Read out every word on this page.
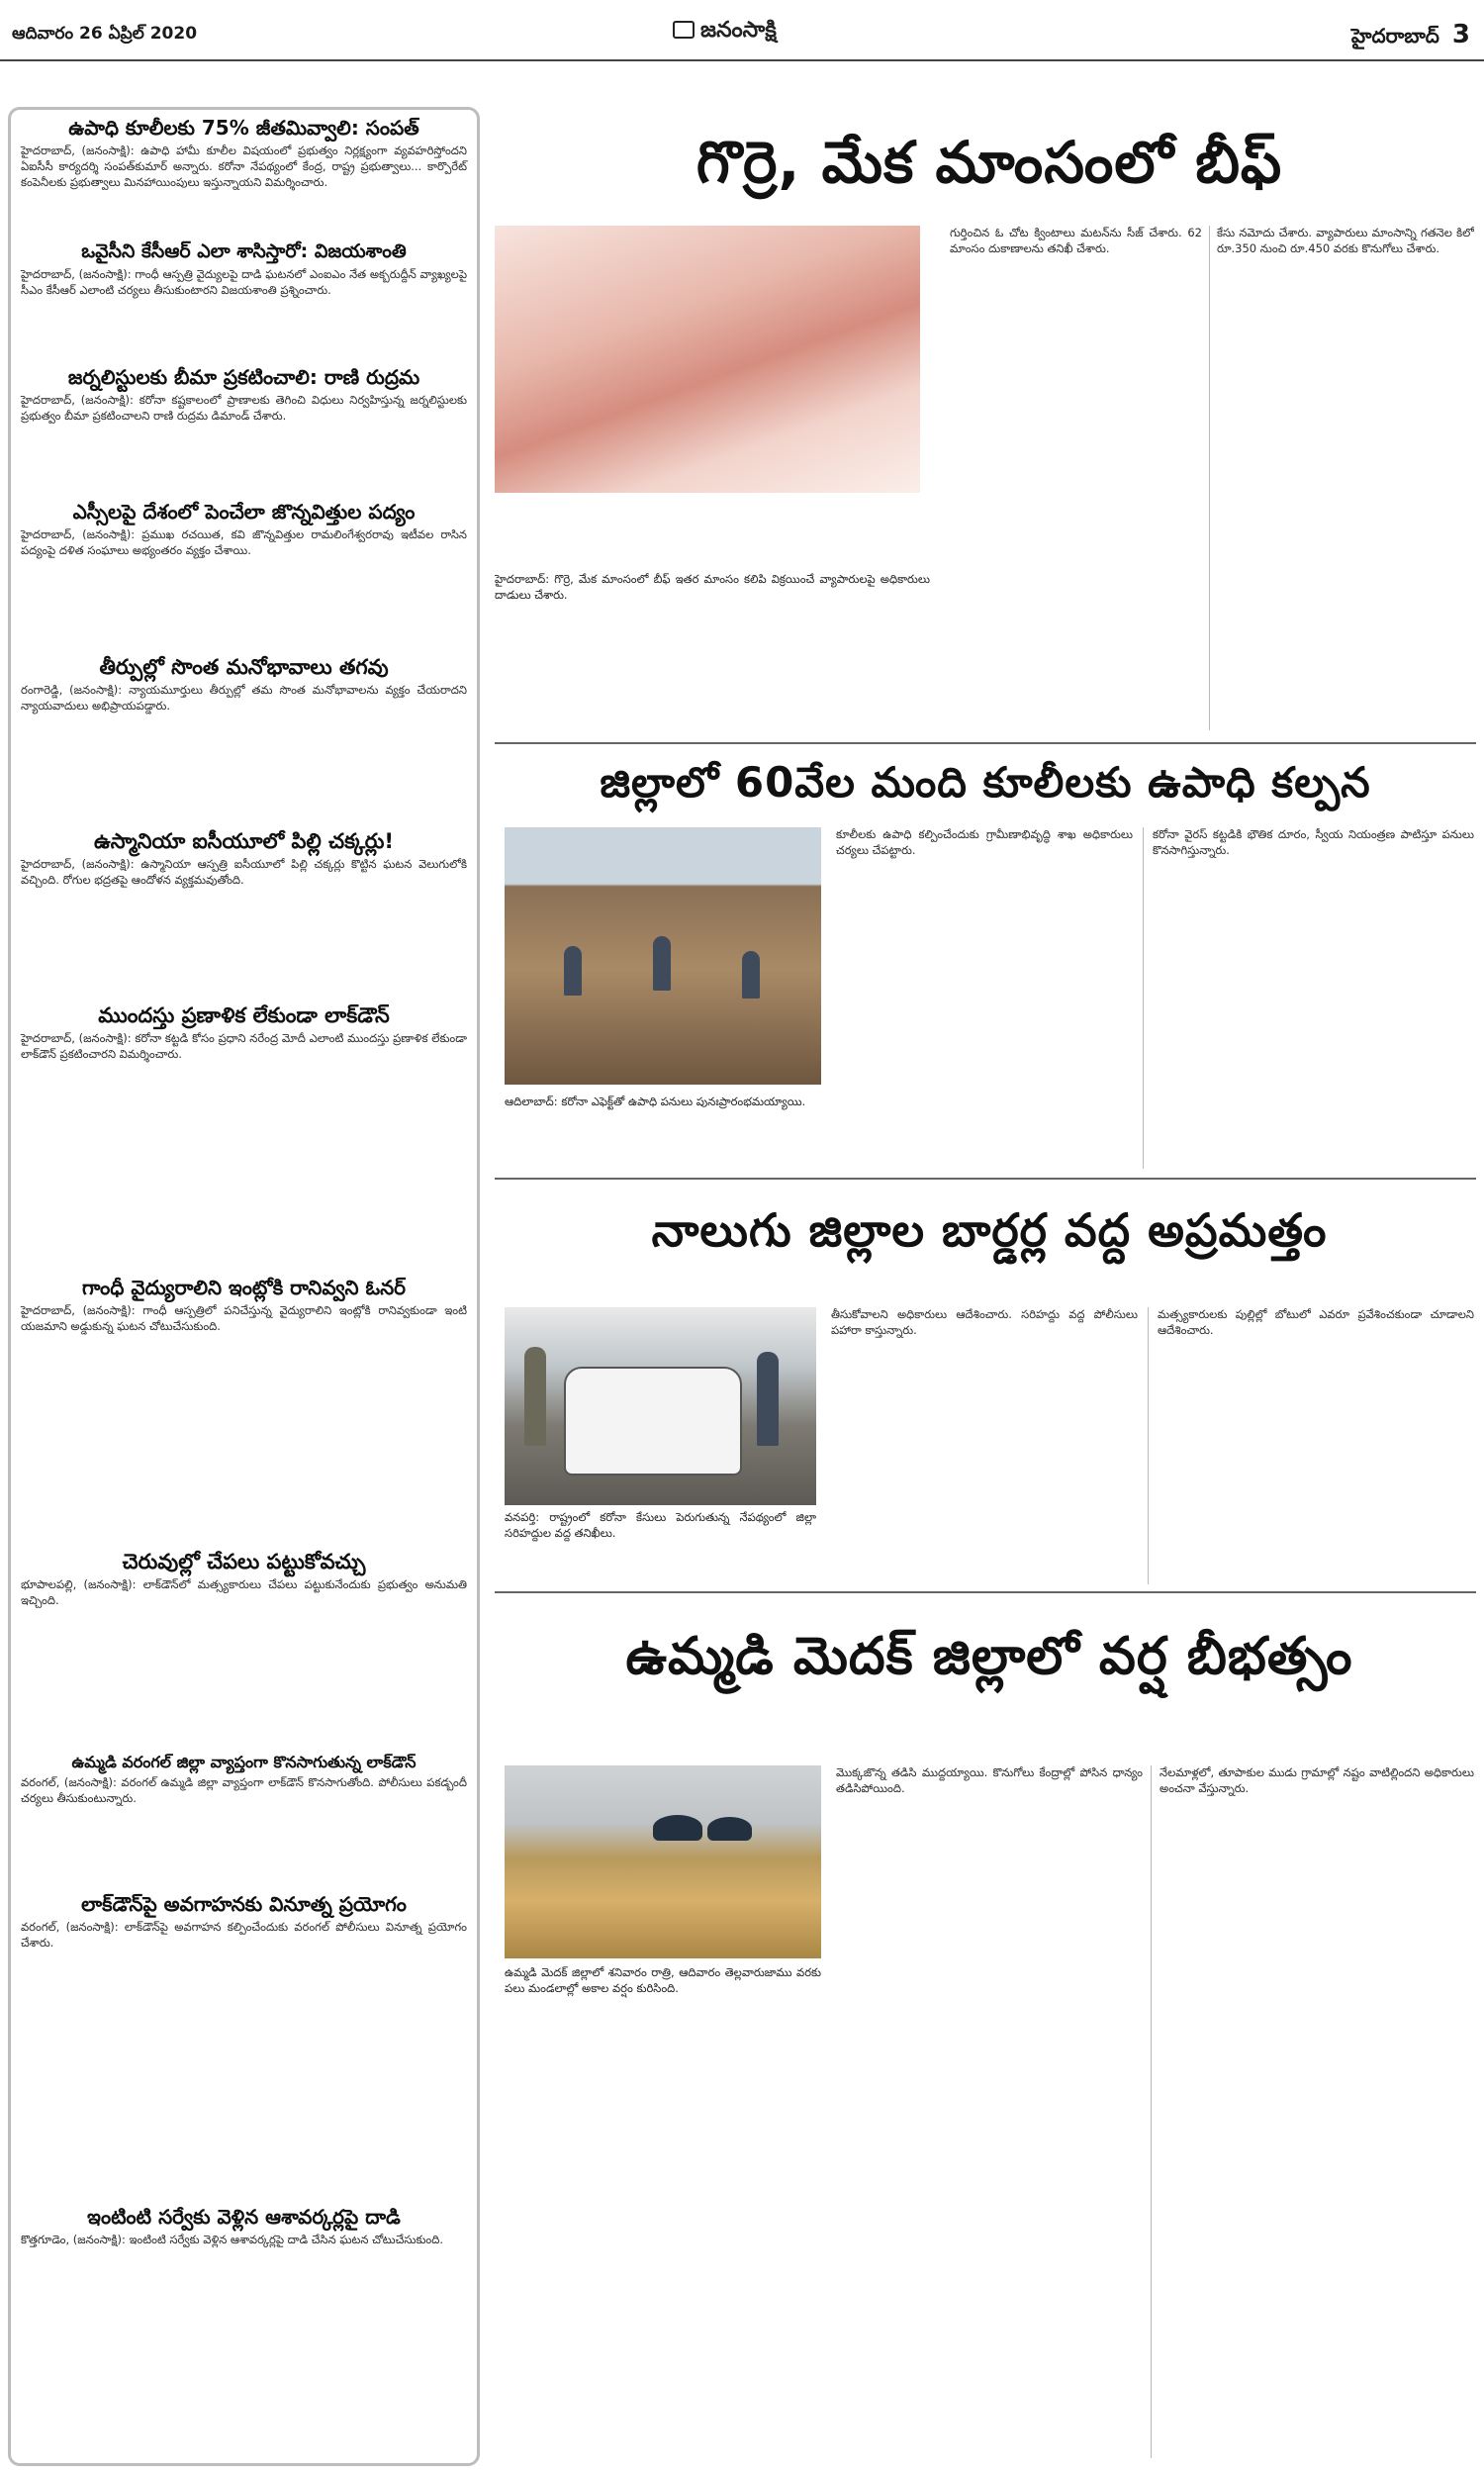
ఆదివారం 26 ఏప్రిల్ 2020	జనంసాక్షి	హైదరాబాద్ 3
ఉపాధి కూలీలకు 75% జీతమివ్వాలి: సంపత్
హైదరాబాద్, (జనంసాక్షి): ఉపాధి హామీ కూలీల విషయంలో ప్రభుత్వం నిర్లక్ష్యంగా వ్యవహరిస్తోందని ఏఐసీసీ కార్యదర్శి సంపత్‌కుమార్ అన్నారు. కరోనా నేపథ్యంలో కేంద్ర, రాష్ట్ర ప్రభుత్వాలు... కార్పొరేట్ కంపెనీలకు ప్రభుత్వాలు మినహాయింపులు ఇస్తున్నాయని విమర్శించారు.
ఒవైసీని కేసీఆర్ ఎలా శాసిస్తారో: విజయశాంతి
హైదరాబాద్, (జనంసాక్షి): గాంధీ ఆస్పత్రి వైద్యులపై దాడి ఘటనలో ఎంఐఎం నేత అక్బరుద్దీన్ వ్యాఖ్యలపై సీఎం కేసీఆర్ ఎలాంటి చర్యలు తీసుకుంటారని విజయశాంతి ప్రశ్నించారు.
జర్నలిస్టులకు బీమా ప్రకటించాలి: రాణి రుద్రమ
హైదరాబాద్, (జనంసాక్షి): కరోనా కష్టకాలంలో ప్రాణాలకు తెగించి విధులు నిర్వహిస్తున్న జర్నలిస్టులకు ప్రభుత్వం బీమా ప్రకటించాలని రాణి రుద్రమ డిమాండ్ చేశారు.
ఎస్సీలపై దేశంలో పెంచేలా జొన్నవిత్తుల పద్యం
హైదరాబాద్, (జనంసాక్షి): ప్రముఖ రచయిత, కవి జొన్నవిత్తుల రామలింగేశ్వరరావు ఇటీవల రాసిన పద్యంపై దళిత సంఘాలు అభ్యంతరం వ్యక్తం చేశాయి.
తీర్పుల్లో సొంత మనోభావాలు తగవు
రంగారెడ్డి, (జనంసాక్షి): న్యాయమూర్తులు తీర్పుల్లో తమ సొంత మనోభావాలను వ్యక్తం చేయరాదని న్యాయవాదులు అభిప్రాయపడ్డారు.
ఉస్మానియా ఐసీయూలో పిల్లి చక్కర్లు!
హైదరాబాద్, (జనంసాక్షి): ఉస్మానియా ఆస్పత్రి ఐసీయూలో పిల్లి చక్కర్లు కొట్టిన ఘటన వెలుగులోకి వచ్చింది. రోగుల భద్రతపై ఆందోళన వ్యక్తమవుతోంది.
ముందస్తు ప్రణాళిక లేకుండా లాక్‌డౌన్
హైదరాబాద్, (జనంసాక్షి): కరోనా కట్టడి కోసం ప్రధాని నరేంద్ర మోదీ ఎలాంటి ముందస్తు ప్రణాళిక లేకుండా లాక్‌డౌన్ ప్రకటించారని విమర్శించారు.
గాంధీ వైద్యురాలిని ఇంట్లోకి రానివ్వని ఓనర్
హైదరాబాద్, (జనంసాక్షి): గాంధీ ఆస్పత్రిలో పనిచేస్తున్న వైద్యురాలిని ఇంట్లోకి రానివ్వకుండా ఇంటి యజమాని అడ్డుకున్న ఘటన చోటుచేసుకుంది.
చెరువుల్లో చేపలు పట్టుకోవచ్చు
భూపాలపల్లి, (జనంసాక్షి): లాక్‌డౌన్‌లో మత్స్యకారులు చేపలు పట్టుకునేందుకు ప్రభుత్వం అనుమతి ఇచ్చింది.
ఉమ్మడి వరంగల్ జిల్లా వ్యాప్తంగా కొనసాగుతున్న లాక్‌డౌన్
వరంగల్, (జనంసాక్షి): వరంగల్ ఉమ్మడి జిల్లా వ్యాప్తంగా లాక్‌డౌన్ కొనసాగుతోంది. పోలీసులు పకడ్బందీ చర్యలు తీసుకుంటున్నారు.
లాక్‌డౌన్‌పై అవగాహనకు వినూత్న ప్రయోగం
వరంగల్, (జనంసాక్షి): లాక్‌డౌన్‌పై అవగాహన కల్పించేందుకు వరంగల్ పోలీసులు వినూత్న ప్రయోగం చేశారు.
ఇంటింటి సర్వేకు వెళ్లిన ఆశావర్కర్లపై దాడి
కొత్తగూడెం, (జనంసాక్షి): ఇంటింటి సర్వేకు వెళ్లిన ఆశావర్కర్లపై దాడి చేసిన ఘటన చోటుచేసుకుంది.
గొర్రె, మేక మాంసంలో బీఫ్
హైదరాబాద్: గొర్రె, మేక మాంసంలో బీఫ్ ఇతర మాంసం కలిపి విక్రయించే వ్యాపారులపై అధికారులు దాడులు చేశారు.
గుర్తించిన ఓ చోట క్వింటాలు మటన్‌ను సీజ్ చేశారు. 62 మాంసం దుకాణాలను తనిఖీ చేశారు.
కేసు నమోదు చేశారు. వ్యాపారులు మాంసాన్ని గతనెల కిలో రూ.350 నుంచి రూ.450 వరకు కొనుగోలు చేశారు.
జిల్లాలో 60వేల మంది కూలీలకు ఉపాధి కల్పన
ఆదిలాబాద్: కరోనా ఎఫెక్ట్‌తో ఉపాధి పనులు పునఃప్రారంభమయ్యాయి.
కూలీలకు ఉపాధి కల్పించేందుకు గ్రామీణాభివృద్ధి శాఖ అధికారులు చర్యలు చేపట్టారు.
కరోనా వైరస్ కట్టడికి భౌతిక దూరం, స్వీయ నియంత్రణ పాటిస్తూ పనులు కొనసాగిస్తున్నారు.
నాలుగు జిల్లాల బార్డర్ల వద్ద అప్రమత్తం
వనపర్తి: రాష్ట్రంలో కరోనా కేసులు పెరుగుతున్న నేపథ్యంలో జిల్లా సరిహద్దుల వద్ద తనిఖీలు.
తీసుకోవాలని అధికారులు ఆదేశించారు. సరిహద్దు వద్ద పోలీసులు పహారా కాస్తున్నారు.
మత్స్యకారులకు పుల్లిల్లో బోటులో ఎవరూ ప్రవేశించకుండా చూడాలని ఆదేశించారు.
ఉమ్మడి మెదక్ జిల్లాలో వర్ష బీభత్సం
ఉమ్మడి మెదక్ జిల్లాలో శనివారం రాత్రి, ఆదివారం తెల్లవారుజాము వరకు పలు మండలాల్లో అకాల వర్షం కురిసింది.
మొక్కజొన్న తడిసి ముద్దయ్యాయి. కొనుగోలు కేంద్రాల్లో పోసిన ధాన్యం తడిసిపోయింది.
నేలమాళ్లలో, తూపాకుల ముడు గ్రామాల్లో నష్టం వాటిల్లిందని అధికారులు అంచనా వేస్తున్నారు.
